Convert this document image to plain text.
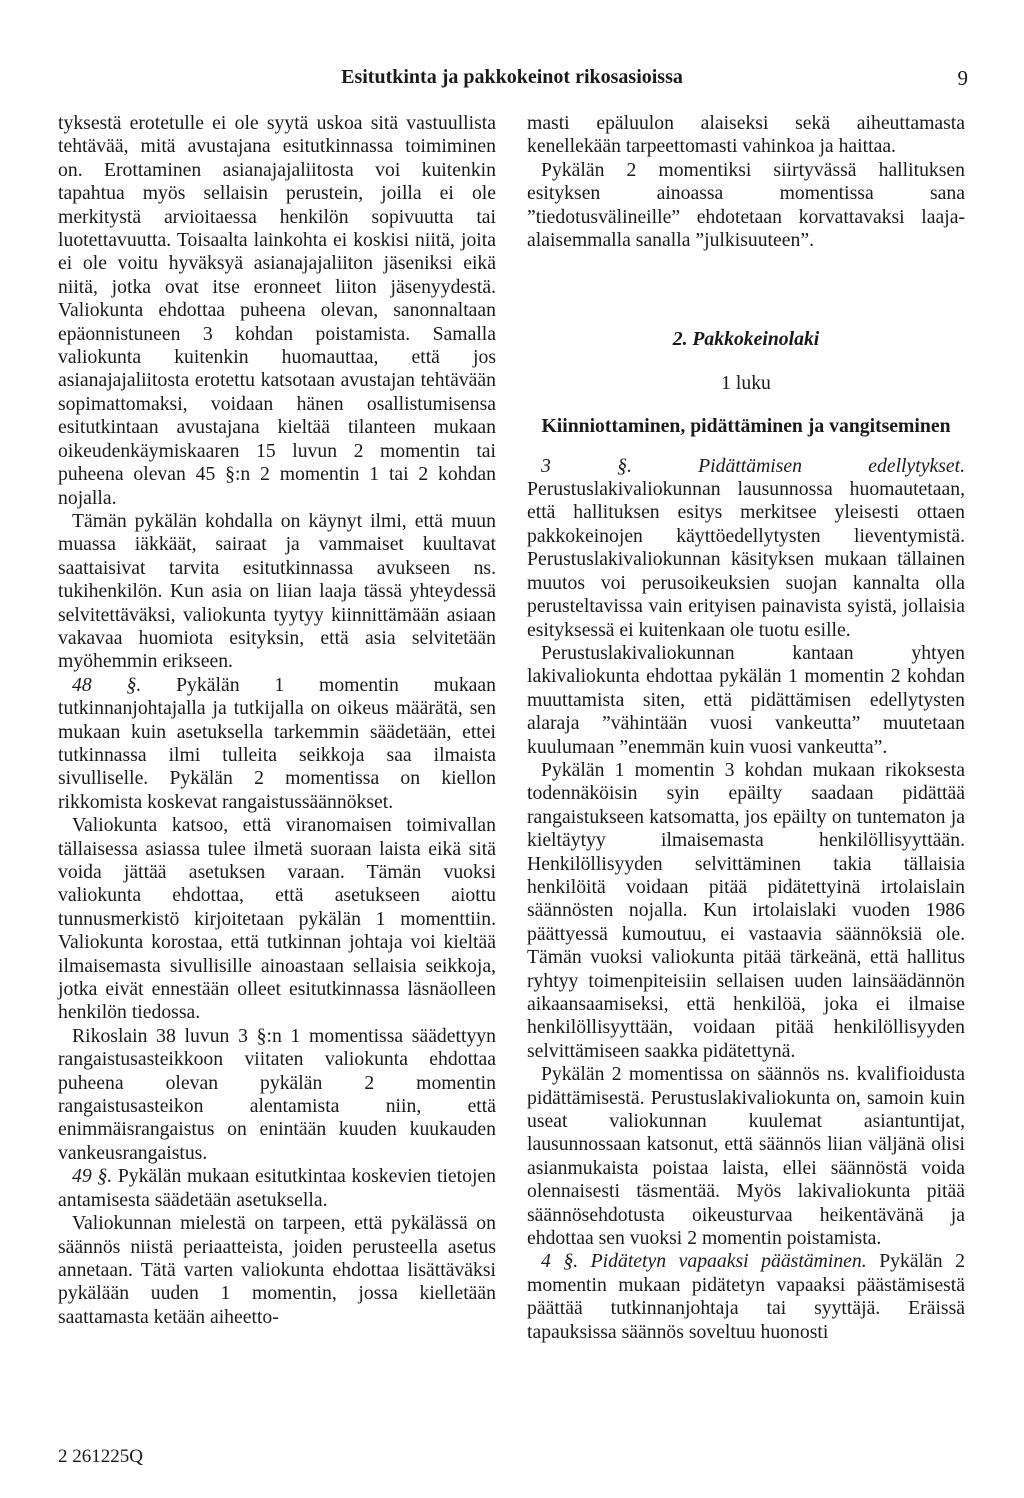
Esitutkinta ja pakkokeinot rikosasioissa	9

tyksestä erotetulle ei ole syytä uskoa sitä vastuullista tehtävää, mitä avustajana esitutkinnassa toimiminen on. Erottaminen asianajajaliitosta voi kuitenkin tapahtua myös sellaisin perustein, joilla ei ole merkitystä arvioitaessa henkilön sopivuutta tai luotettavuutta. Toisaalta lainkohta ei koskisi niitä, joita ei ole voitu hyväksyä asianajajaliiton jäseniksi eikä niitä, jotka ovat itse eronneet liiton jäsenyydestä. Valiokunta ehdottaa puheena olevan, sanonnaltaan epäonnistuneen 3 kohdan poistamista. Samalla valiokunta kuitenkin huomauttaa, että jos asianajajaliitosta erotettu katsotaan avustajan tehtävään sopimattomaksi, voidaan hänen osallistumisensa esitutkintaan avustajana kieltää tilanteen mukaan oikeudenkäymiskaaren 15 luvun 2 momentin tai puheena olevan 45 §:n 2 momentin 1 tai 2 kohdan nojalla.

Tämän pykälän kohdalla on käynyt ilmi, että muun muassa iäkkäät, sairaat ja vammaiset kuultavat saattaisivat tarvita esitutkinnassa avukseen ns. tukihenkilön. Kun asia on liian laaja tässä yhteydessä selvitettäväksi, valiokunta tyytyy kiinnittämään asiaan vakavaa huomiota esityksin, että asia selvitetään myöhemmin erikseen.

48 §. Pykälän 1 momentin mukaan tutkinnanjohtajalla ja tutkijalla on oikeus määrätä, sen mukaan kuin asetuksella tarkemmin säädetään, ettei tutkinnassa ilmi tulleita seikkoja saa ilmaista sivulliselle. Pykälän 2 momentissa on kiellon rikkomista koskevat rangaistussäännökset.

Valiokunta katsoo, että viranomaisen toimivallan tällaisessa asiassa tulee ilmetä suoraan laista eikä sitä voida jättää asetuksen varaan. Tämän vuoksi valiokunta ehdottaa, että asetukseen aiottu tunnusmerkistö kirjoitetaan pykälän 1 momenttiin. Valiokunta korostaa, että tutkinnan johtaja voi kieltää ilmaisemasta sivullisille ainoastaan sellaisia seikkoja, jotka eivät ennestään olleet esitutkinnassa läsnäolleen henkilön tiedossa.

Rikoslain 38 luvun 3 §:n 1 momentissa säädettyyn rangaistusasteikkoon viitaten valiokunta ehdottaa puheena olevan pykälän 2 momentin rangaistusasteikon alentamista niin, että enimmäisrangaistus on enintään kuuden kuukauden vankeusrangaistus.

49 §. Pykälän mukaan esitutkintaa koskevien tietojen antamisesta säädetään asetuksella.

Valiokunnan mielestä on tarpeen, että pykälässä on säännös niistä periaatteista, joiden perusteella asetus annetaan. Tätä varten valiokunta ehdottaa lisättäväksi pykälään uuden 1 momentin, jossa kielletään saattamasta ketään aiheetto-

masti epäluulon alaiseksi sekä aiheuttamasta kenellekään tarpeettomasti vahinkoa ja haittaa.

Pykälän 2 momentiksi siirtyvässä hallituksen esityksen ainoassa momentissa sana ”tiedotusvälineille” ehdotetaan korvattavaksi laaja-alaisemmalla sanalla ”julkisuuteen”.

2. Pakkokeinolaki
1 luku
Kiinniottaminen, pidättäminen ja vangitseminen

3 §. Pidättämisen edellytykset. Perustuslakivaliokunnan lausunnossa huomautetaan, että hallituksen esitys merkitsee yleisesti ottaen pakkokeinojen käyttöedellytysten lieventymistä. Perustuslakivaliokunnan käsityksen mukaan tällainen muutos voi perusoikeuksien suojan kannalta olla perusteltavissa vain erityisen painavista syistä, jollaisia esityksessä ei kuitenkaan ole tuotu esille.

Perustuslakivaliokunnan kantaan yhtyen lakivaliokunta ehdottaa pykälän 1 momentin 2 kohdan muuttamista siten, että pidättämisen edellytysten alaraja ”vähintään vuosi vankeutta” muutetaan kuulumaan ”enemmän kuin vuosi vankeutta”.

Pykälän 1 momentin 3 kohdan mukaan rikoksesta todennäköisin syin epäilty saadaan pidättää rangaistukseen katsomatta, jos epäilty on tuntematon ja kieltäytyy ilmaisemasta henkilöllisyyttään. Henkilöllisyyden selvittäminen takia tällaisia henkilöitä voidaan pitää pidätettyinä irtolaislain säännösten nojalla. Kun irtolaislaki vuoden 1986 päättyessä kumoutuu, ei vastaavia säännöksiä ole. Tämän vuoksi valiokunta pitää tärkeänä, että hallitus ryhtyy toimenpiteisiin sellaisen uuden lainsäädännön aikaansaamiseksi, että henkilöä, joka ei ilmaise henkilöllisyyttään, voidaan pitää henkilöllisyyden selvittämiseen saakka pidätettynä.

Pykälän 2 momentissa on säännös ns. kvalifioidusta pidättämisestä. Perustuslakivaliokunta on, samoin kuin useat valiokunnan kuulemat asiantuntijat, lausunnossaan katsonut, että säännös liian väljänä olisi asianmukaista poistaa laista, ellei säännöstä voida olennaisesti täsmentää. Myös lakivaliokunta pitää säännösehdotusta oikeusturvaa heikentävänä ja ehdottaa sen vuoksi 2 momentin poistamista.

4 §. Pidätetyn vapaaksi päästäminen. Pykälän 2 momentin mukaan pidätetyn vapaaksi päästämisestä päättää tutkinnanjohtaja tai syyttäjä. Eräissä tapauksissa säännös soveltuu huonosti

2 261225Q
